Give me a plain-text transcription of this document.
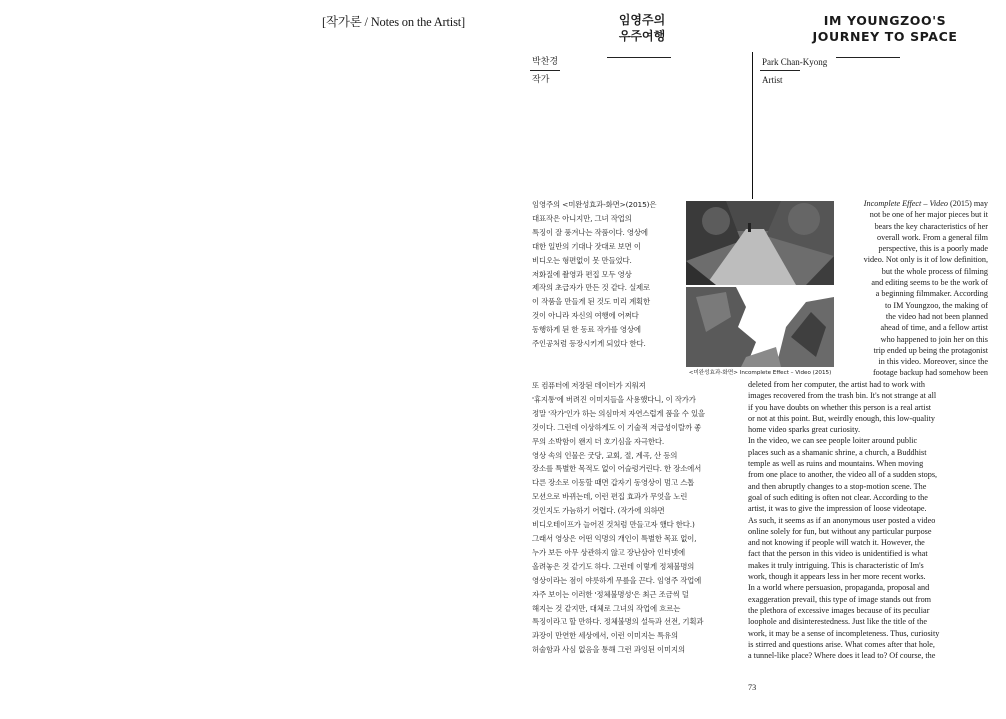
[작가론 / Notes on the Artist]	임영주의
우주여행
IM YOUNGZOO'S
JOURNEY TO SPACE
박찬경
작가
Park Chan-Kyong
Artist
임영주의 <미완성효과-화면>(2015)은
대표작은 아니지만, 그녀 작업의
특징이 잘 풍겨나는 작품이다. 영상에
대한 일반의 기대나 잣대로 보면 이
비디오는 형편없이 못 만들었다.
저화질에 촬영과 편집 모두 영상
제작의 초급자가 만든 것 같다. 실제로
이 작품을 만들게 된 것도 미리 계획한
것이 아니라 자신의 여행에 어쩌다
동행하게 된 한 동료 작가를 영상에
주인공처럼 등장시키게 되었다 한다.
또 컴퓨터에 저장된 데이터가 지워져
'휴지통'에 버려진 이미지들을 사용했다니, 이 작가가
정말 '작가'인가 하는 의심마저 자연스럽게 품을 수 있을
것이다. 그런데 이상하게도 이 기술적 저급성이랄까 좋
무의 소박함이 왠지 더 호기심을 자극한다.
영상 속의 인물은 굿당, 교회, 절, 계곡, 산 등의
장소를 특별한 목적도 없이 어슬렁거린다. 한 장소에서
다른 장소로 이동할 때면 갑자기 동영상이 멈고 스톱
모션으로 바뀌는데, 이런 편집 효과가 무엇을 노린
것인지도 가늠하기 어렵다. (작가에 의하면
비디오테이프가 늘어진 것처럼 만들고자 했다 한다.)
그래서 영상은 어떤 익명의 개인이 특별한 목표 없이,
누가 보든 아무 상관하지 않고 장난삼아 인터넷에
올려놓은 것 같기도 하다. 그런데 이렇게 정체불명의
영상이라는 점이 야릇하게 무릎을 끈다. 임영주 작업에
자주 보이는 이러한 '정체불명성'은 최근 조금씩 덜
해지는 것 같지만, 대체로 그녀의 작업에 흐르는
특징이라고 할 만하다. 정체불명의 설득과 선전, 기획과
과장이 만연한 세상에서, 이런 이미지는 특유의
허술함과 사심 없음을 통해 그런 과잉된 이미지의
<미완성효과-화면> Incomplete Effect – Video (2015)
Incomplete Effect – Video (2015) may
not be one of her major pieces but it
bears the key characteristics of her
overall work. From a general film
perspective, this is a poorly made
video. Not only is it of low definition,
but the whole process of filming
and editing seems to be the work of
a beginning filmmaker. According
to IM Youngzoo, the making of
the video had not been planned
ahead of time, and a fellow artist
who happened to join her on this
trip ended up being the protagonist
in this video. Moreover, since the
footage backup had somehow been
deleted from her computer, the artist had to work with
images recovered from the trash bin. It's not strange at all
if you have doubts on whether this person is a real artist
or not at this point. But, weirdly enough, this low-quality
home video sparks great curiosity.
In the video, we can see people loiter around public
places such as a shamanic shrine, a church, a Buddhist
temple as well as ruins and mountains. When moving
from one place to another, the video all of a sudden stops,
and then abruptly changes to a stop-motion scene. The
goal of such editing is often not clear. According to the
artist, it was to give the impression of loose videotape.
As such, it seems as if an anonymous user posted a video
online solely for fun, but without any particular purpose
and not knowing if people will watch it. However, the
fact that the person in this video is unidentified is what
makes it truly intriguing. This is characteristic of Im's
work, though it appears less in her more recent works.
In a world where persuasion, propaganda, proposal and
exaggeration prevail, this type of image stands out from
the plethora of excessive images because of its peculiar
loophole and disinterestedness. Just like the title of the
work, it may be a sense of incompleteness. Thus, curiosity
is stirred and questions arise. What comes after that hole,
a tunnel-like place? Where does it lead to? Of course, the
73
